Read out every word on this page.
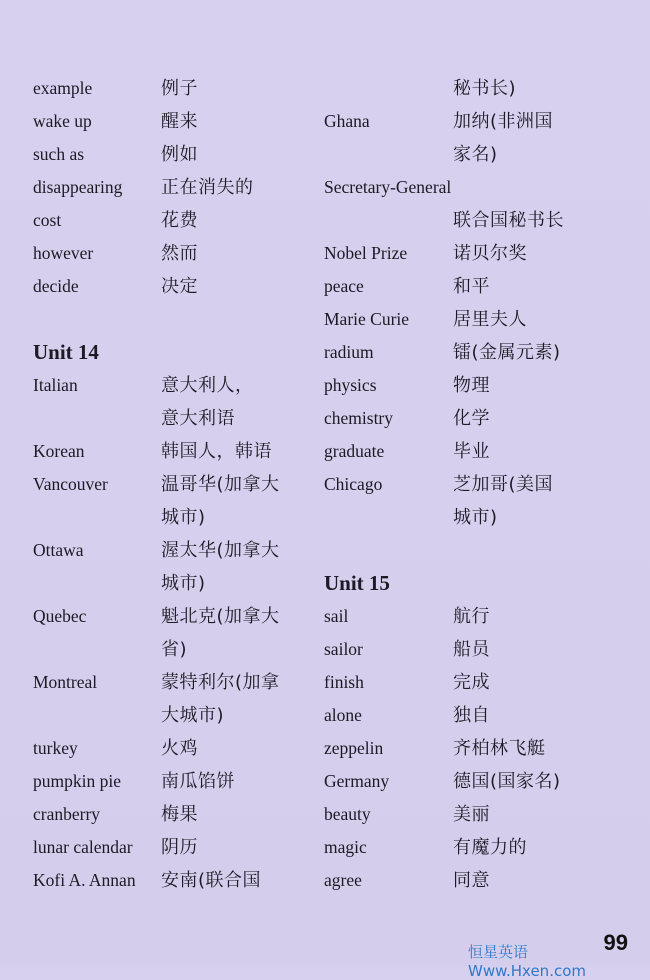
example	例子
wake up	醒来
such as	例如
disappearing	正在消失的
cost	花费
however	然而
decide	决定
Unit 14
Italian	意大利人，
意大利语
Korean	韩国人，韩语
Vancouver	温哥华(加拿大
城市)
Ottawa	渥太华(加拿大
城市)
Quebec	魁北克(加拿大
省)
Montreal	蒙特利尔(加拿
大城市)
turkey	火鸡
pumpkin pie	南瓜馅饼
cranberry	梅果
lunar calendar	阴历
Kofi A. Annan	安南(联合国
秘书长)
Ghana	加纳(非洲国
家名)
Secretary-General
联合国秘书长
Nobel Prize	诺贝尔奖
peace	和平
Marie Curie	居里夫人
radium	镭(金属元素)
physics	物理
chemistry	化学
graduate	毕业
Chicago	芝加哥(美国
城市)
Unit 15
sail	航行
sailor	船员
finish	完成
alone	独自
zeppelin	齐柏林飞艇
Germany	德国(国家名)
beauty	美丽
magic	有魔力的
agree	同意
恒星英语 Www.Hxen.com
99
